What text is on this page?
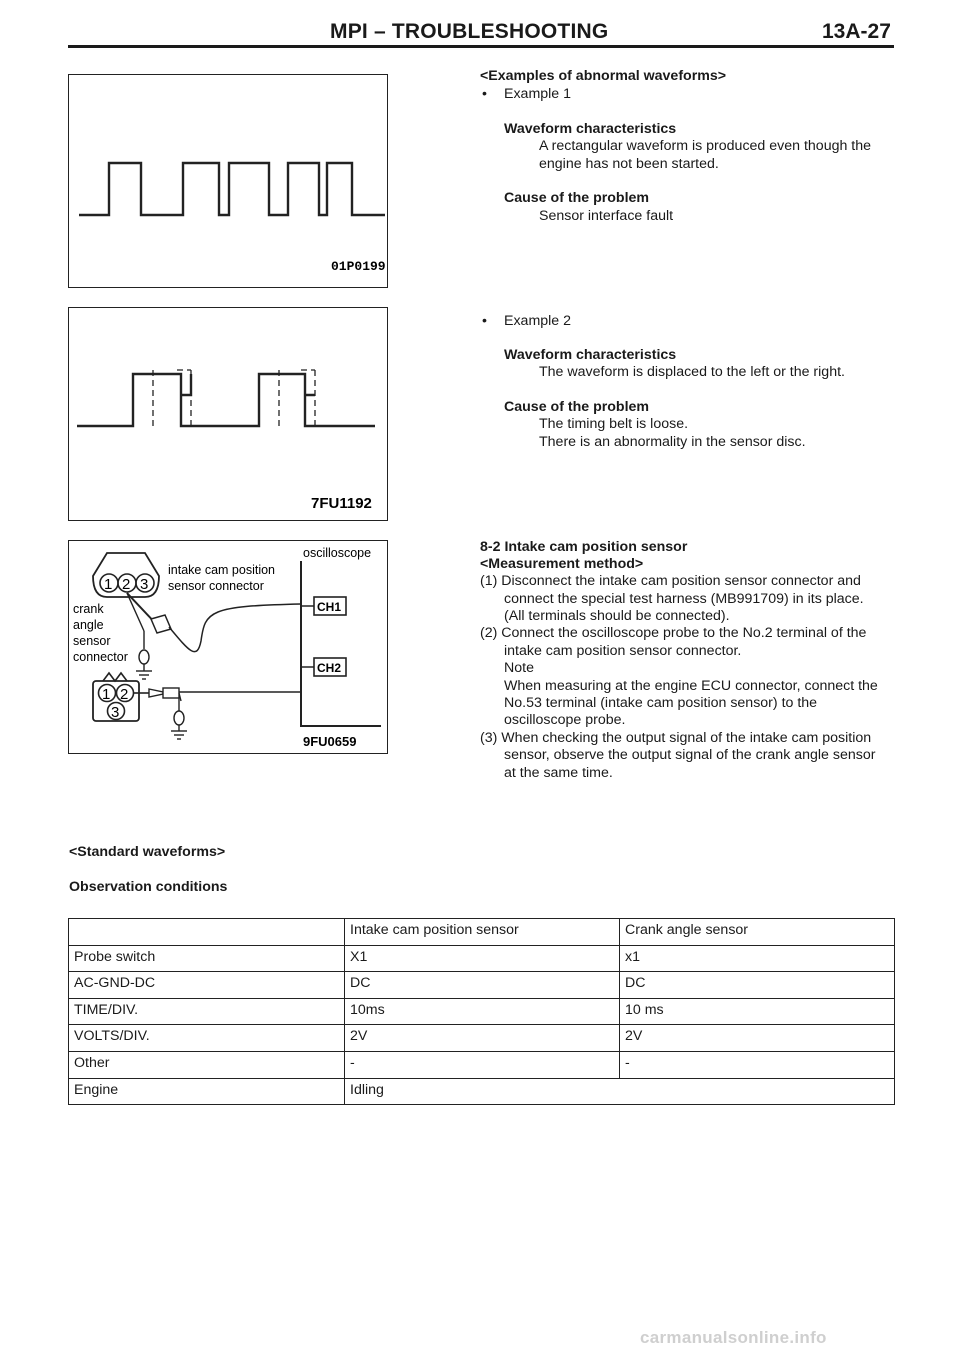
MPI – TROUBLESHOOTING	13A-27
01P0199
7FU1192
oscilloscope
CH1
CH2
1 2 3
intake cam position
sensor connector
crank
angle
sensor
connector
1 2
3
9FU0659
<Examples of abnormal waveforms>
• Example 1
Waveform characteristics
A rectangular waveform is produced even though the
engine has not been started.
Cause of the problem
Sensor interface fault
• Example 2
Waveform characteristics
The waveform is displaced to the left or the right.
Cause of the problem
The timing belt is loose.
There is an abnormality in the sensor disc.
8-2 Intake cam position sensor
<Measurement method>
(1) Disconnect the intake cam position sensor connector and
connect the special test harness (MB991709) in its place.
(All terminals should be connected).
(2) Connect the oscilloscope probe to the No.2 terminal of the
intake cam position sensor connector.
Note
When measuring at the engine ECU connector, connect the
No.53 terminal (intake cam position sensor) to the
oscilloscope probe.
(3) When checking the output signal of the intake cam position
sensor, observe the output signal of the crank angle sensor
at the same time.
<Standard waveforms>
Observation conditions
	Intake cam position sensor	Crank angle sensor
Probe switch	X1	x1
AC-GND-DC	DC	DC
TIME/DIV.	10ms	10 ms
VOLTS/DIV.	2V	2V
Other	-	-
Engine	Idling	
carmanualsonline.info
